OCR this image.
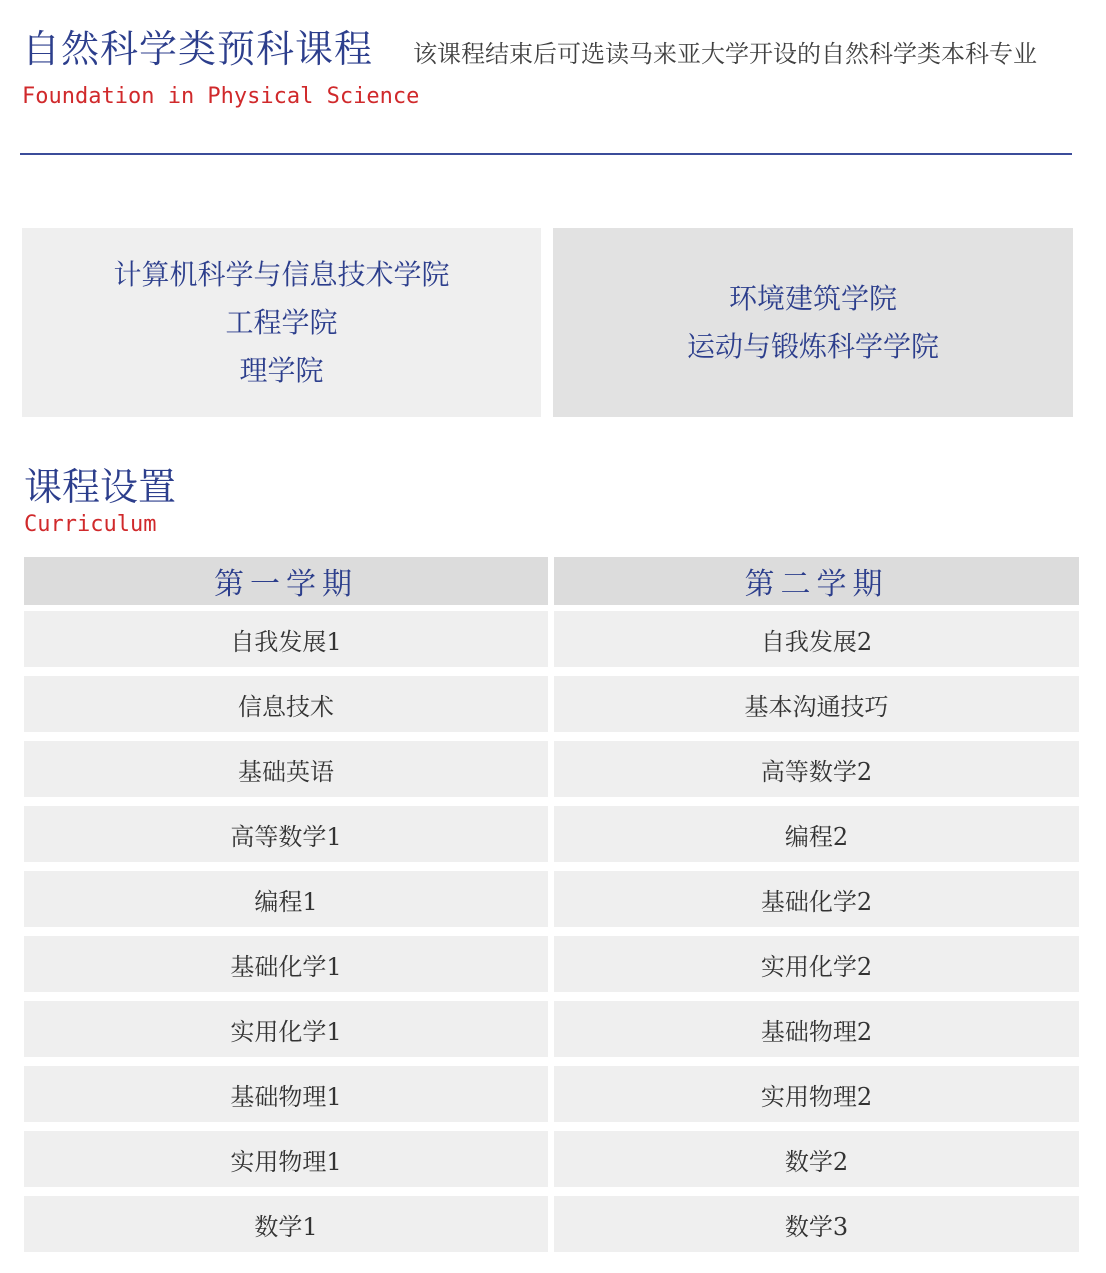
自然科学类预科课程 该课程结束后可选读马来亚大学开设的自然科学类本科专业
Foundation in Physical Science
计算机科学与信息技术学院
工程学院
理学院
环境建筑学院
运动与锻炼科学学院
课程设置
Curriculum
第一学期
自我发展1
信息技术
基础英语
高等数学1
编程1
基础化学1
实用化学1
基础物理1
实用物理1
数学1
第二学期
自我发展2
基本沟通技巧
高等数学2
编程2
基础化学2
实用化学2
基础物理2
实用物理2
数学2
数学3
